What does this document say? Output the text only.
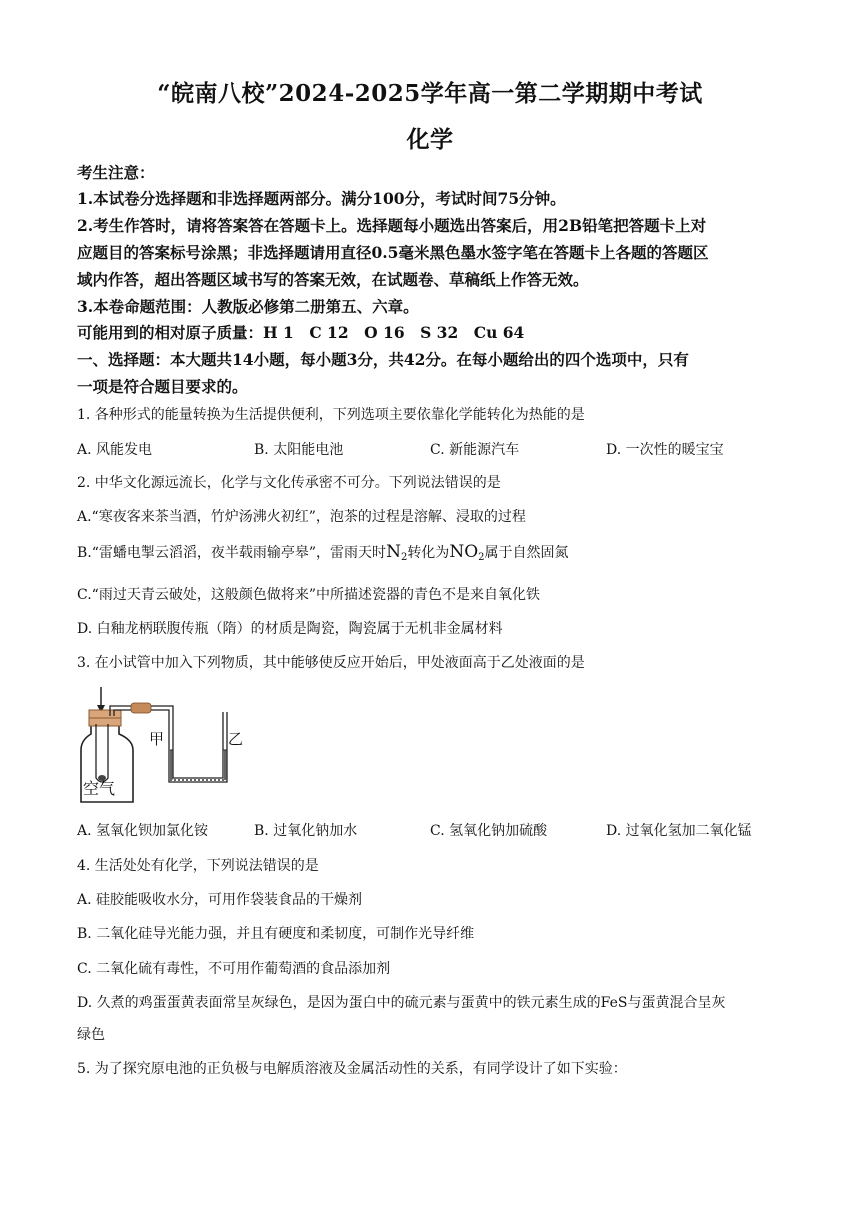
“皖南八校”2024-2025学年高一第二学期期中考试
化学
考生注意：
1.本试卷分选择题和非选择题两部分。满分100分，考试时间75分钟。
2.考生作答时，请将答案答在答题卡上。选择题每小题选出答案后，用2B铅笔把答题卡上对
应题目的答案标号涂黑；非选择题请用直径0.5毫米黑色墨水签字笔在答题卡上各题的答题区
域内作答，超出答题区域书写的答案无效，在试题卷、草稿纸上作答无效。
3.本卷命题范围：人教版必修第二册第五、六章。
可能用到的相对原子质量：H 1　C 12　O 16　S 32　Cu 64
一、选择题：本大题共14小题，每小题3分，共42分。在每小题给出的四个选项中，只有
一项是符合题目要求的。
1. 各种形式的能量转换为生活提供便利，下列选项主要依靠化学能转化为热能的是
A. 风能发电	B. 太阳能电池	C. 新能源汽车	D. 一次性的暖宝宝
2. 中华文化源远流长，化学与文化传承密不可分。下列说法错误的是
A.“寒夜客来茶当酒，竹炉汤沸火初红”，泡茶的过程是溶解、浸取的过程
B.“雷蟠电掣云滔滔，夜半载雨输亭皋”，雷雨天时$N_2$转化为$NO_2$属于自然固氮
C.“雨过天青云破处，这般颜色做将来”中所描述瓷器的青色不是来自氧化铁
D. 白釉龙柄联腹传瓶（隋）的材质是陶瓷，陶瓷属于无机非金属材料
3. 在小试管中加入下列物质，其中能够使反应开始后，甲处液面高于乙处液面的是
甲	乙
空气
A. 氢氧化钡加氯化铵	B. 过氧化钠加水	C. 氢氧化钠加硫酸	D. 过氧化氢加二氧化锰
4. 生活处处有化学，下列说法错误的是
A. 硅胶能吸收水分，可用作袋装食品的干燥剂
B. 二氧化硅导光能力强，并且有硬度和柔韧度，可制作光导纤维
C. 二氧化硫有毒性，不可用作葡萄酒的食品添加剂
D. 久煮的鸡蛋蛋黄表面常呈灰绿色，是因为蛋白中的硫元素与蛋黄中的铁元素生成的FeS与蛋黄混合呈灰
绿色
5. 为了探究原电池的正负极与电解质溶液及金属活动性的关系，有同学设计了如下实验：
